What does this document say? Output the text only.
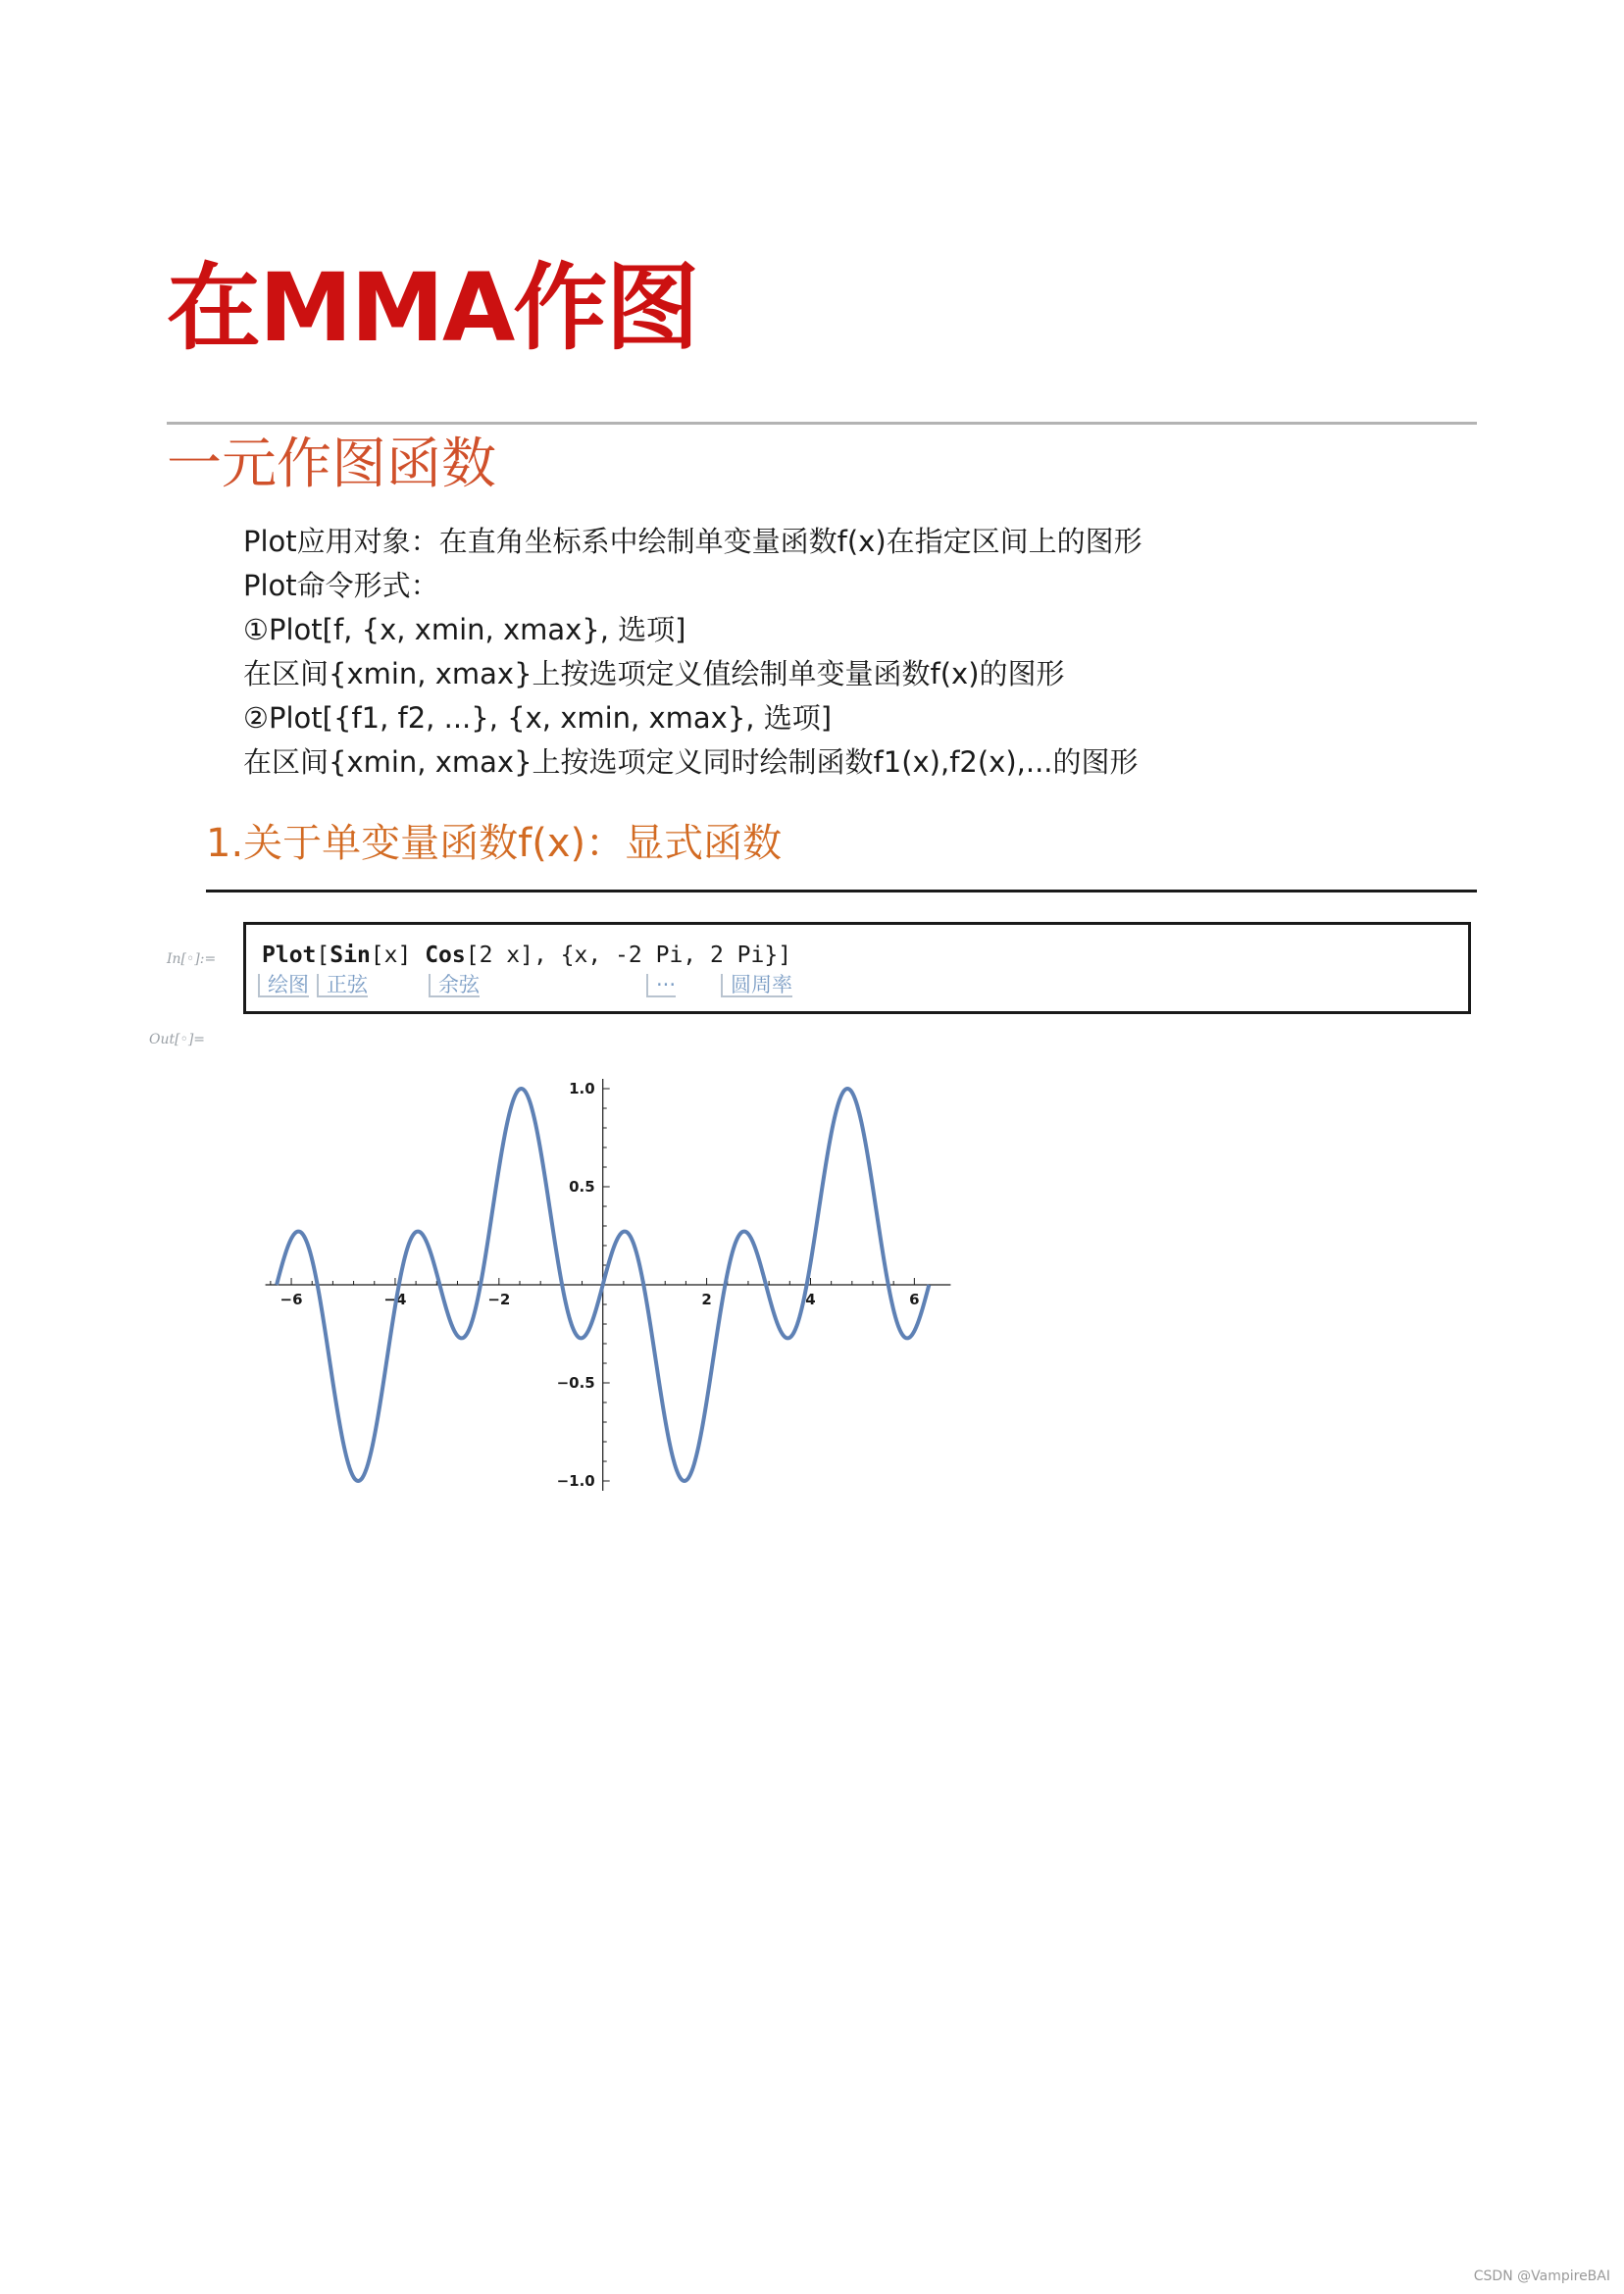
在MMA作图
一元作图函数
Plot应用对象：在直角坐标系中绘制单变量函数f(x)在指定区间上的图形
Plot命令形式：
①Plot[f, {x, xmin, xmax}, 选项]
在区间{xmin, xmax}上按选项定义值绘制单变量函数f(x)的图形
②Plot[{f1, f2, ...}, {x, xmin, xmax}, 选项]
在区间{xmin, xmax}上按选项定义同时绘制函数f1(x),f2(x),...的图形
1.关于单变量函数f(x)：显式函数
In[◦]:= Plot[Sin[x] Cos[2 x], {x, -2 Pi, 2 Pi}]
绘图 正弦	余弦	···	圆周率
Out[◦]=
−6	−4	−2	2	4	6
−1.0
−0.5
0.5
1.0
CSDN @VampireBAI
